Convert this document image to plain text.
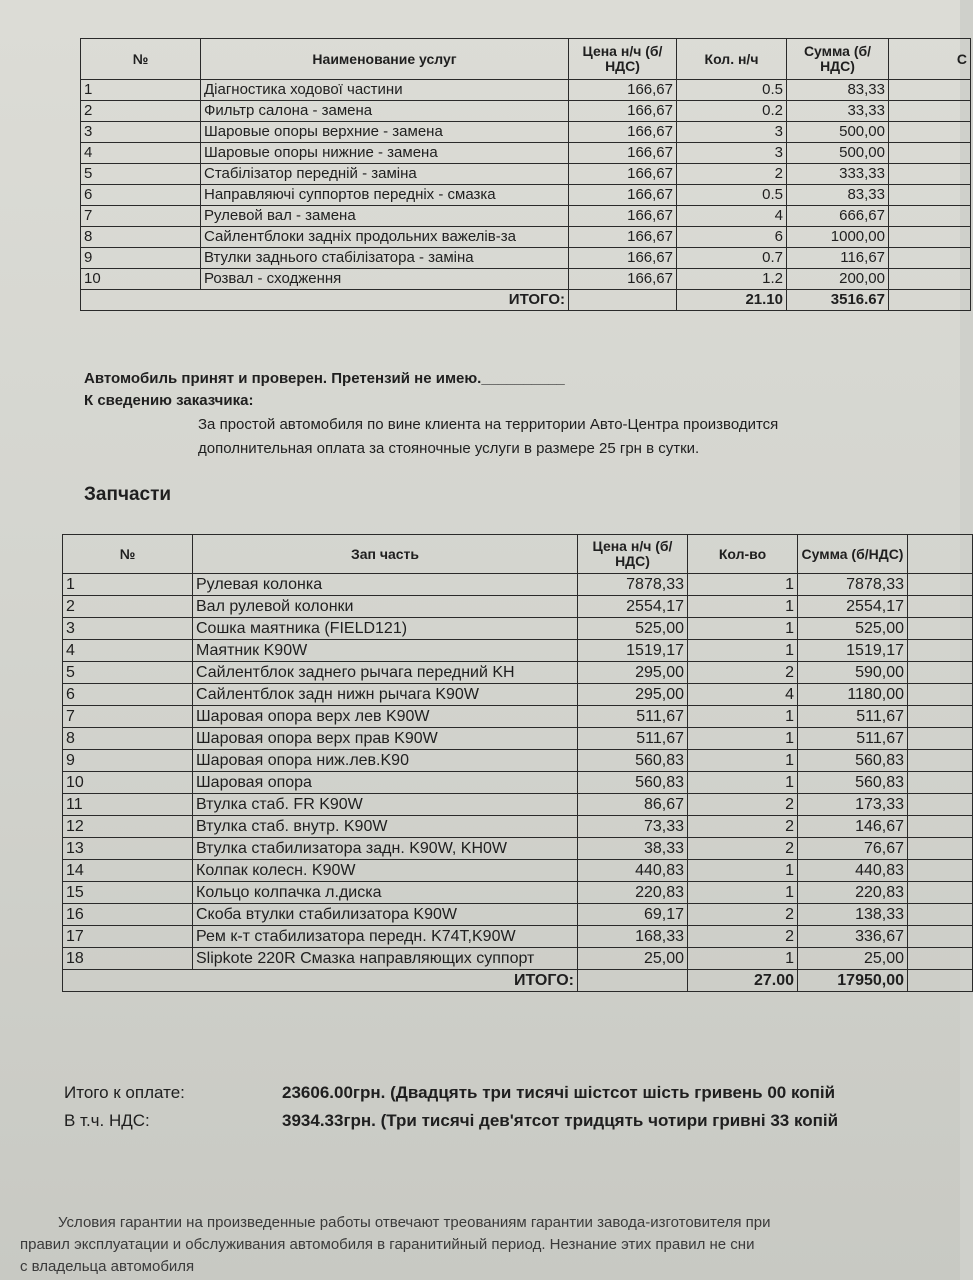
№	Наименование услуг	Цена н/ч (б/НДС)	Кол. н/ч	Сумма (б/НДС)	С
1	Діагностика ходової частини	166,67	0.5	83,33	
2	Фильтр салона - замена	166,67	0.2	33,33	
3	Шаровые опоры верхние - замена	166,67	3	500,00	
4	Шаровые опоры нижние - замена	166,67	3	500,00	
5	Стабілізатор передній - заміна	166,67	2	333,33	
6	Направляючі суппортов передніх - смазка	166,67	0.5	83,33	
7	Рулевой вал - замена	166,67	4	666,67	
8	Сайлентблоки задніх продольних важелів-за	166,67	6	1000,00	
9	Втулки заднього стабілізатора - заміна	166,67	0.7	116,67	
10	Розвал - сходження	166,67	1.2	200,00	
ИТОГО:			21.10	3516.67	
Автомобиль принят и проверен. Претензий не имею.__________
К сведению заказчика:
За простой автомобиля по вине клиента на территории Авто-Центра производится
дополнительная оплата за стояночные услуги в размере 25 грн в сутки.
Запчасти
№	Зап часть	Цена н/ч (б/НДС)	Кол-во	Сумма (б/НДС)	
1	Рулевая колонка	7878,33	1	7878,33	
2	Вал рулевой колонки	2554,17	1	2554,17	
3	Сошка маятника (FIELD121)	525,00	1	525,00	
4	Маятник K90W	1519,17	1	1519,17	
5	Сайлентблок заднего рычага передний KH	295,00	2	590,00	
6	Сайлентблок задн нижн рычага K90W	295,00	4	1180,00	
7	Шаровая опора верх лев K90W	511,67	1	511,67	
8	Шаровая опора верх прав K90W	511,67	1	511,67	
9	Шаровая опора ниж.лев.K90	560,83	1	560,83	
10	Шаровая опора	560,83	1	560,83	
11	Втулка стаб. FR K90W	86,67	2	173,33	
12	Втулка стаб. внутр. K90W	73,33	2	146,67	
13	Втулка стабилизатора задн. K90W, KH0W	38,33	2	76,67	
14	Колпак колесн. K90W	440,83	1	440,83	
15	Кольцо колпачка л.диска	220,83	1	220,83	
16	Скоба втулки стабилизатора K90W	69,17	2	138,33	
17	Рем к-т стабилизатора передн. K74T,K90W	168,33	2	336,67	
18	Slipkote 220R Смазка направляющих суппорт	25,00	1	25,00	
ИТОГО:			27.00	17950,00	
Итого к оплате:	23606.00грн. (Двадцять три тисячі шістсот шість гривень 00 копій
В т.ч. НДС:	3934.33грн. (Три тисячі дев'ятсот тридцять чотири гривні 33 копій
Условия гарантии на произведенные работы отвечают треованиям гарантии завода-изготовителя при
правил эксплуатации и обслуживания автомобиля в гаранитийный период. Незнание этих правил не сни
с владельца автомобиля
